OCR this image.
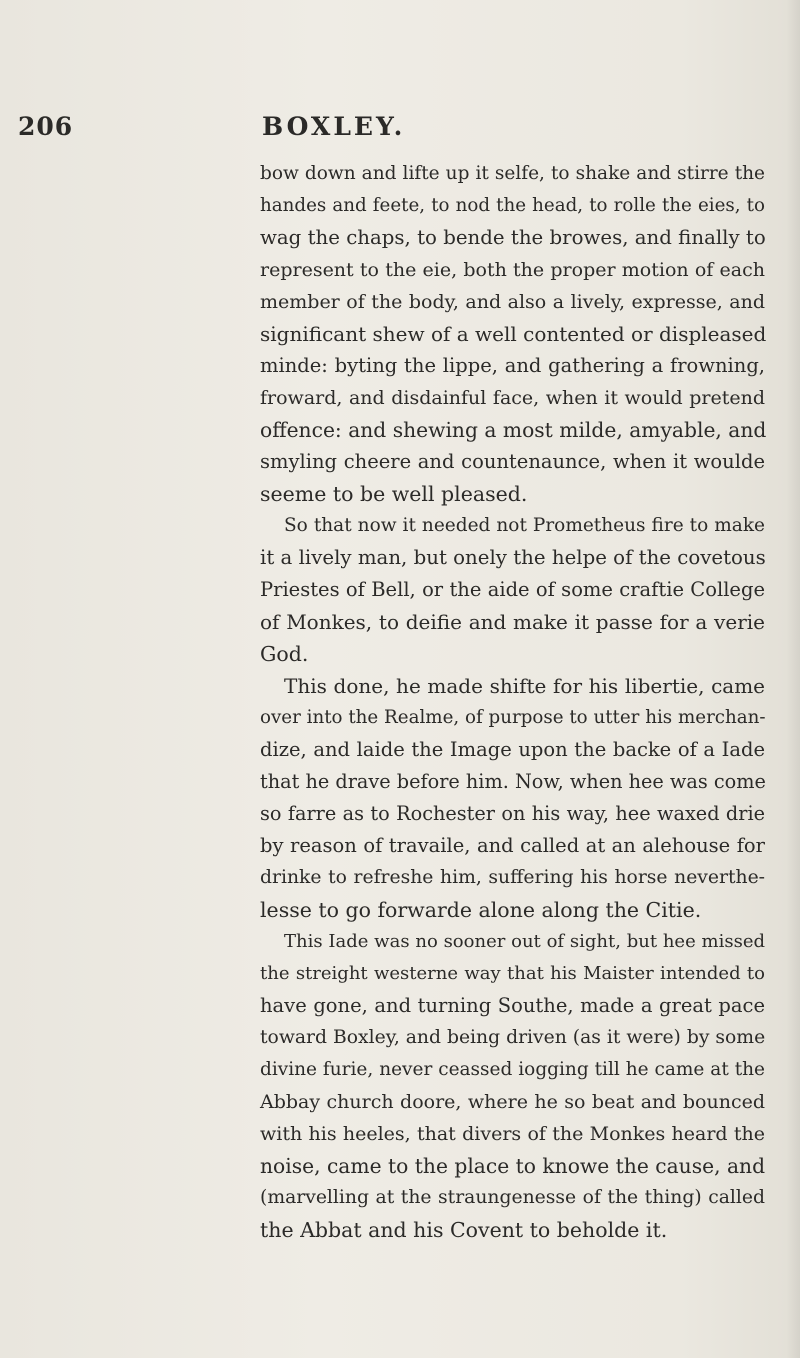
206	BOXLEY.
bow down and lifte up it selfe, to shake and stirre the
handes and feete, to nod the head, to rolle the eies, to
wag the chaps, to bende the browes, and finally to
represent to the eie, both the proper motion of each
member of the body, and also a lively, expresse, and
significant shew of a well contented or displeased
minde: byting the lippe, and gathering a frowning,
froward, and disdainful face, when it would pretend
offence: and shewing a most milde, amyable, and
smyling cheere and countenaunce, when it woulde
seeme to be well pleased.
So that now it needed not Prometheus fire to make
it a lively man, but onely the helpe of the covetous
Priestes of Bell, or the aide of some craftie College
of Monkes, to deifie and make it passe for a verie
God.
This done, he made shifte for his libertie, came
over into the Realme, of purpose to utter his merchan-
dize, and laide the Image upon the backe of a Iade
that he drave before him. Now, when hee was come
so farre as to Rochester on his way, hee waxed drie
by reason of travaile, and called at an alehouse for
drinke to refreshe him, suffering his horse neverthe-
lesse to go forwarde alone along the Citie.
This Iade was no sooner out of sight, but hee missed
the streight westerne way that his Maister intended to
have gone, and turning Southe, made a great pace
toward Boxley, and being driven (as it were) by some
divine furie, never ceassed iogging till he came at the
Abbay church doore, where he so beat and bounced
with his heeles, that divers of the Monkes heard the
noise, came to the place to knowe the cause, and
(marvelling at the straungenesse of the thing) called
the Abbat and his Covent to beholde it.
